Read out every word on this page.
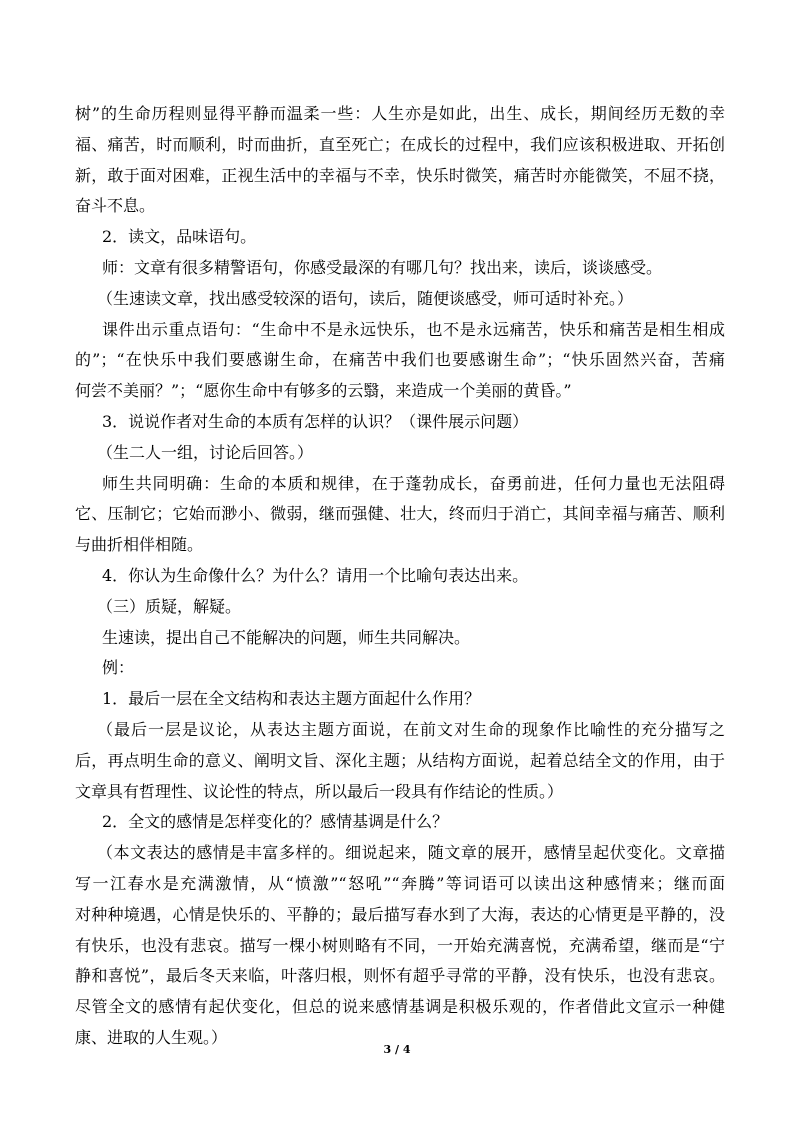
树”的生命历程则显得平静而温柔一些：人生亦是如此，出生、成长，期间经历无数的幸
福、痛苦，时而顺利，时而曲折，直至死亡；在成长的过程中，我们应该积极进取、开拓创
新，敢于面对困难，正视生活中的幸福与不幸，快乐时微笑，痛苦时亦能微笑，不屈不挠，
奋斗不息。
2．读文，品味语句。
师：文章有很多精警语句，你感受最深的有哪几句？找出来，读后，谈谈感受。
（生速读文章，找出感受较深的语句，读后，随便谈感受，师可适时补充。）
课件出示重点语句：“生命中不是永远快乐，也不是永远痛苦，快乐和痛苦是相生相成
的”；“在快乐中我们要感谢生命，在痛苦中我们也要感谢生命”；“快乐固然兴奋，苦痛
何尝不美丽？”；“愿你生命中有够多的云翳，来造成一个美丽的黄昏。”
3．说说作者对生命的本质有怎样的认识？（课件展示问题）
（生二人一组，讨论后回答。）
师生共同明确：生命的本质和规律，在于蓬勃成长，奋勇前进，任何力量也无法阻碍
它、压制它；它始而渺小、微弱，继而强健、壮大，终而归于消亡，其间幸福与痛苦、顺利
与曲折相伴相随。
4．你认为生命像什么？为什么？请用一个比喻句表达出来。
（三）质疑，解疑。
生速读，提出自己不能解决的问题，师生共同解决。
例：
1．最后一层在全文结构和表达主题方面起什么作用？
（最后一层是议论，从表达主题方面说，在前文对生命的现象作比喻性的充分描写之
后，再点明生命的意义、阐明文旨、深化主题；从结构方面说，起着总结全文的作用，由于
文章具有哲理性、议论性的特点，所以最后一段具有作结论的性质。）
2．全文的感情是怎样变化的？感情基调是什么？
（本文表达的感情是丰富多样的。细说起来，随文章的展开，感情呈起伏变化。文章描
写一江春水是充满激情，从“愤激”“怒吼”“奔腾”等词语可以读出这种感情来；继而面
对种种境遇，心情是快乐的、平静的；最后描写春水到了大海，表达的心情更是平静的，没
有快乐，也没有悲哀。描写一棵小树则略有不同，一开始充满喜悦，充满希望，继而是“宁
静和喜悦”，最后冬天来临，叶落归根，则怀有超乎寻常的平静，没有快乐，也没有悲哀。
尽管全文的感情有起伏变化，但总的说来感情基调是积极乐观的，作者借此文宣示一种健
康、进取的人生观。）
3 / 4
